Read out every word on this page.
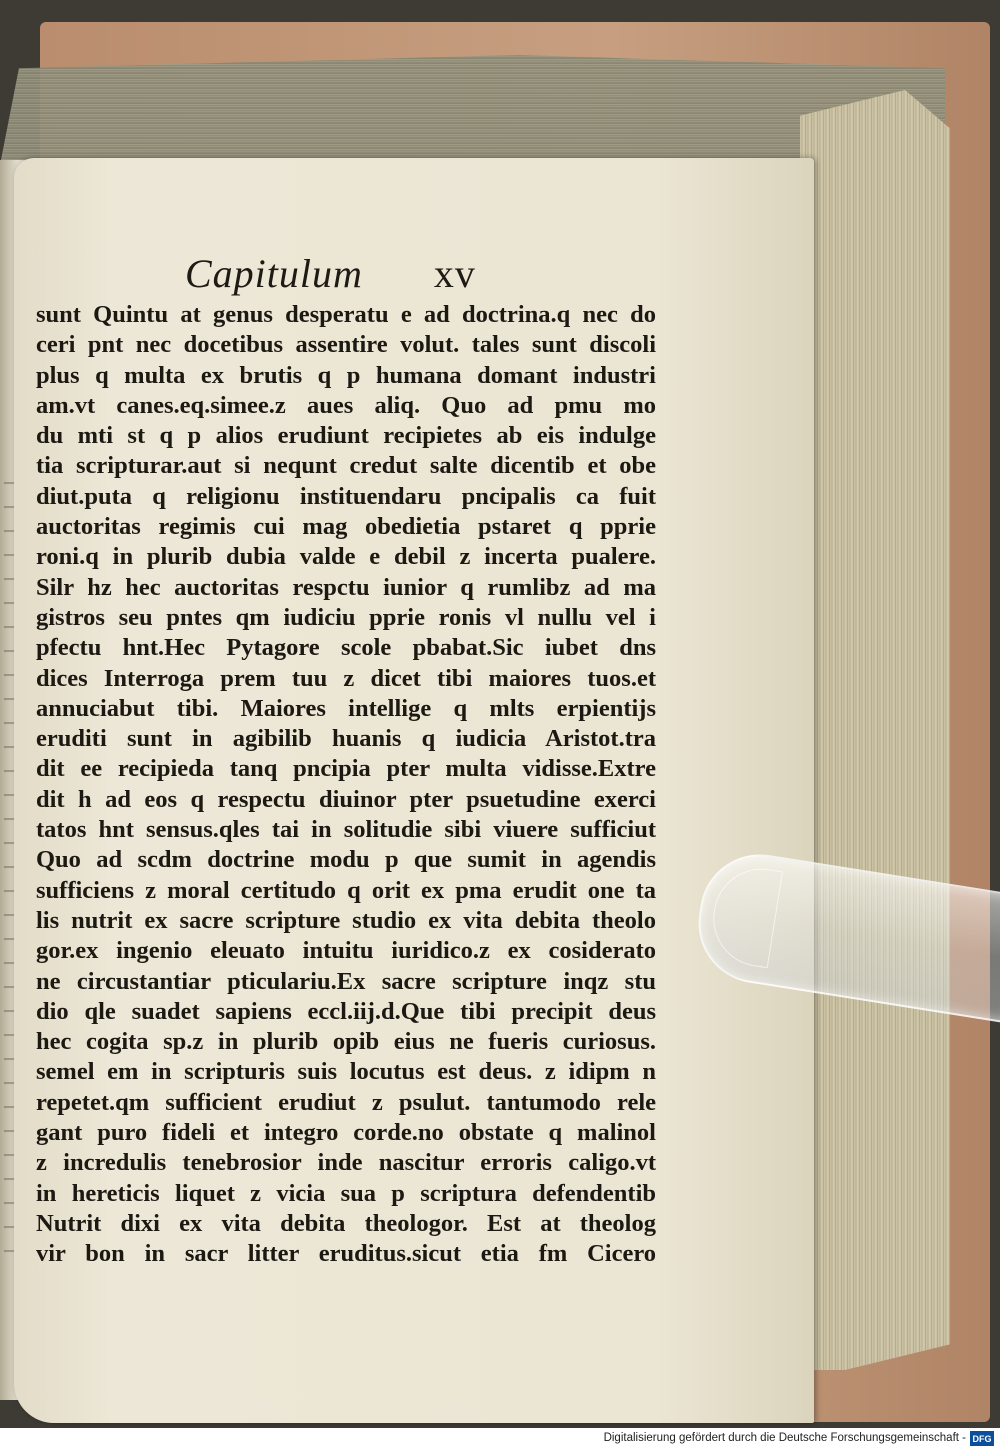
Capitulum xv
sunt Quintu at genus desperatu e ad doctrina.q nec do
ceri pnt nec docetibus assentire volut. tales sunt discoli
plus q multa ex brutis q p humana domant industri
am.vt canes.eq.simee.z aues aliq. Quo ad pmu mo
du mti st q p alios erudiunt recipietes ab eis indulge
tia scripturar.aut si nequnt credut salte dicentib et obe
diut.puta q religionu instituendaru pncipalis ca fuit
auctoritas regimis cui mag obedietia pstaret q pprie
roni.q in plurib dubia valde e debil z incerta pualere.
Silr hz hec auctoritas respctu iunior q rumlibz ad ma
gistros seu pntes qm iudiciu pprie ronis vl nullu vel i
pfectu hnt.Hec Pytagore scole pbabat.Sic iubet dns
dices Interroga prem tuu z dicet tibi maiores tuos.et
annuciabut tibi. Maiores intellige q mlts erpientijs
eruditi sunt in agibilib huanis q iudicia Aristot.tra
dit ee recipieda tanq pncipia pter multa vidisse.Extre
dit h ad eos q respectu diuinor pter psuetudine exerci
tatos hnt sensus.qles tai in solitudie sibi viuere sufficiut
Quo ad scdm doctrine modu p que sumit in agendis
sufficiens z moral certitudo q orit ex pma erudit one ta
lis nutrit ex sacre scripture studio ex vita debita theolo
gor.ex ingenio eleuato intuitu iuridico.z ex cosiderato
ne circustantiar pticulariu.Ex sacre scripture inqz stu
dio qle suadet sapiens eccl.iij.d.Que tibi precipit deus
hec cogita sp.z in plurib opib eius ne fueris curiosus.
semel em in scripturis suis locutus est deus. z idipm n
repetet.qm sufficient erudiut z psulut. tantumodo rele
gant puro fideli et integro corde.no obstate q malinol
z incredulis tenebrosior inde nascitur erroris caligo.vt
in hereticis liquet z vicia sua p scriptura defendentib
Nutrit dixi ex vita debita theologor. Est at theolog
vir bon in sacr litter eruditus.sicut etia fm Cicero
Digitalisierung gefördert durch die Deutsche Forschungsgemeinschaft - DFG
